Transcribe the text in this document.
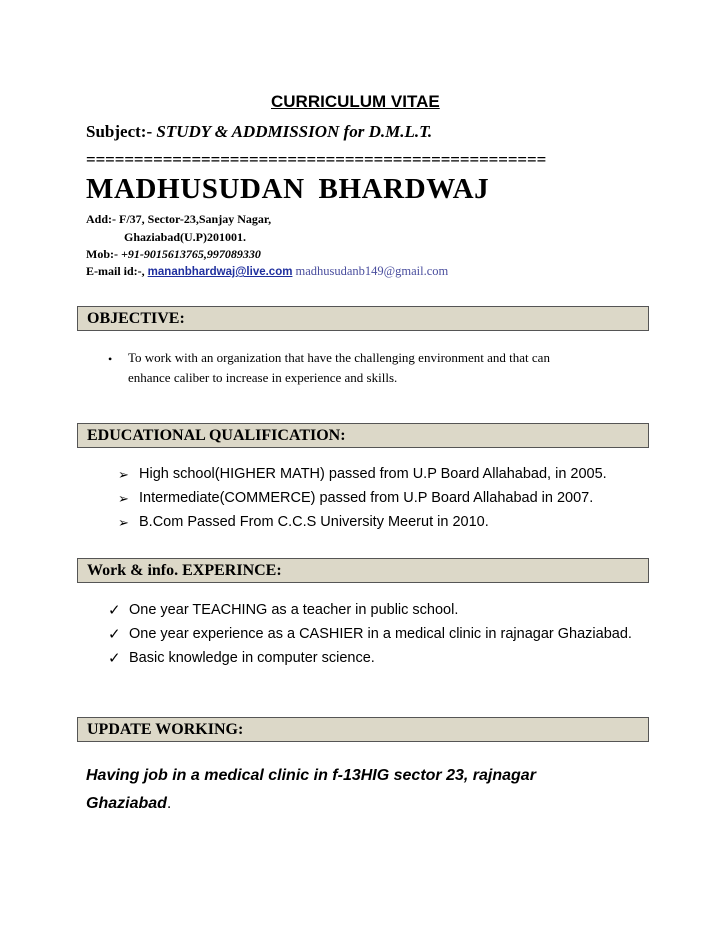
CURRICULUM VITAE
Subject:- STUDY & ADDMISSION for D.M.L.T.
================================================
MADHUSUDAN BHARDWAJ
Add:- F/37, Sector-23,Sanjay Nagar,
Ghaziabad(U.P)201001.
Mob:- +91-9015613765,997089330
E-mail id:-, mananbhardwaj@live.com madhusudanb149@gmail.com
OBJECTIVE:
• To work with an organization that have the challenging environment and that can
enhance caliber to increase in experience and skills.
EDUCATIONAL QUALIFICATION:
➢ High school(HIGHER MATH) passed from U.P Board Allahabad, in 2005.
➢ Intermediate(COMMERCE) passed from U.P Board Allahabad in 2007.
➢ B.Com Passed From C.C.S University Meerut in 2010.
Work & info. EXPERINCE:
✓ One year TEACHING as a teacher in public school.
✓ One year experience as a CASHIER in a medical clinic in rajnagar Ghaziabad.
✓ Basic knowledge in computer science.
UPDATE WORKING:
Having job in a medical clinic in f-13HIG sector 23, rajnagar
Ghaziabad.
